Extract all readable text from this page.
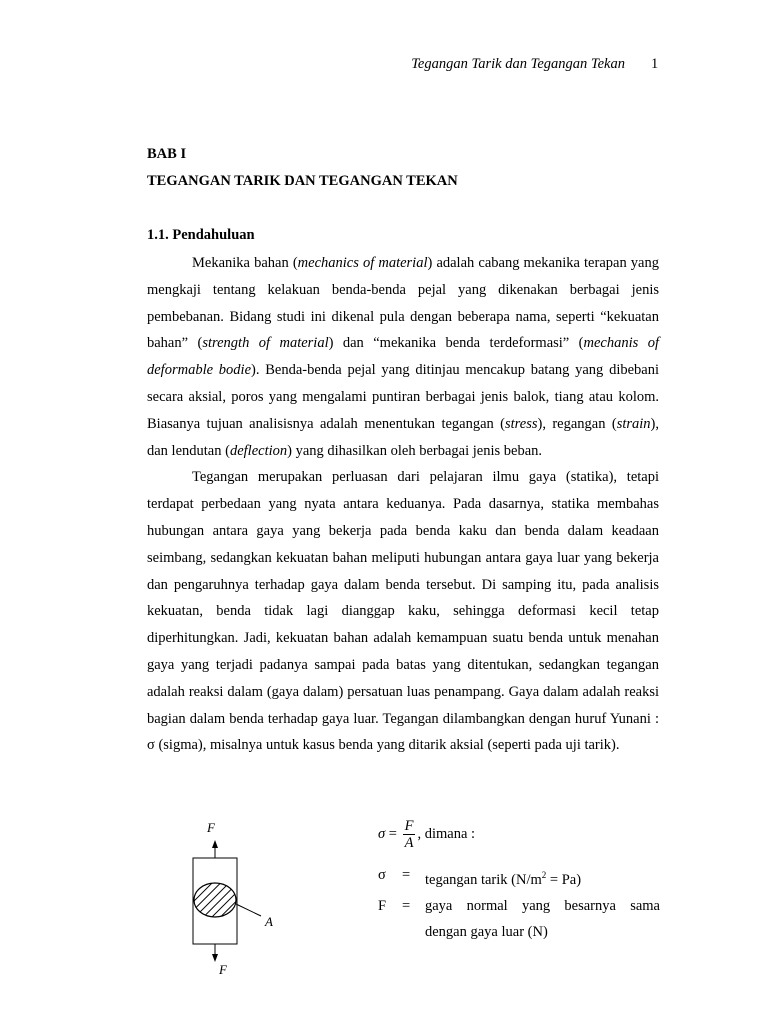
Tegangan Tarik dan Tegangan Tekan 1
BAB I
TEGANGAN TARIK DAN TEGANGAN TEKAN
1.1. Pendahuluan

Mekanika bahan (mechanics of material) adalah cabang mekanika terapan yang mengkaji tentang kelakuan benda-benda pejal yang dikenakan berbagai jenis pembebanan. Bidang studi ini dikenal pula dengan beberapa nama, seperti “kekuatan bahan” (strength of material) dan “mekanika benda terdeformasi” (mechanis of deformable bodie). Benda-benda pejal yang ditinjau mencakup batang yang dibebani secara aksial, poros yang mengalami puntiran berbagai jenis balok, tiang atau kolom. Biasanya tujuan analisisnya adalah menentukan tegangan (stress), regangan (strain), dan lendutan (deflection) yang dihasilkan oleh berbagai jenis beban.

Tegangan merupakan perluasan dari pelajaran ilmu gaya (statika), tetapi terdapat perbedaan yang nyata antara keduanya. Pada dasarnya, statika membahas hubungan antara gaya yang bekerja pada benda kaku dan benda dalam keadaan seimbang, sedangkan kekuatan bahan meliputi hubungan antara gaya luar yang bekerja dan pengaruhnya terhadap gaya dalam benda tersebut. Di samping itu, pada analisis kekuatan, benda tidak lagi dianggap kaku, sehingga deformasi kecil tetap diperhitungkan. Jadi, kekuatan bahan adalah kemampuan suatu benda untuk menahan gaya yang terjadi padanya sampai pada batas yang ditentukan, sedangkan tegangan adalah reaksi dalam (gaya dalam) persatuan luas penampang. Gaya dalam adalah reaksi bagian dalam benda terhadap gaya luar. Tegangan dilambangkan dengan huruf Yunani : σ (sigma), misalnya untuk kasus benda yang ditarik aksial (seperti pada uji tarik).

F
A
F
$\sigma = \frac{F}{A}$ , dimana :
σ	=	tegangan tarik $(N/m^2 = Pa)$
F	=	gaya normal yang besarnya sama dengan gaya luar (N)
